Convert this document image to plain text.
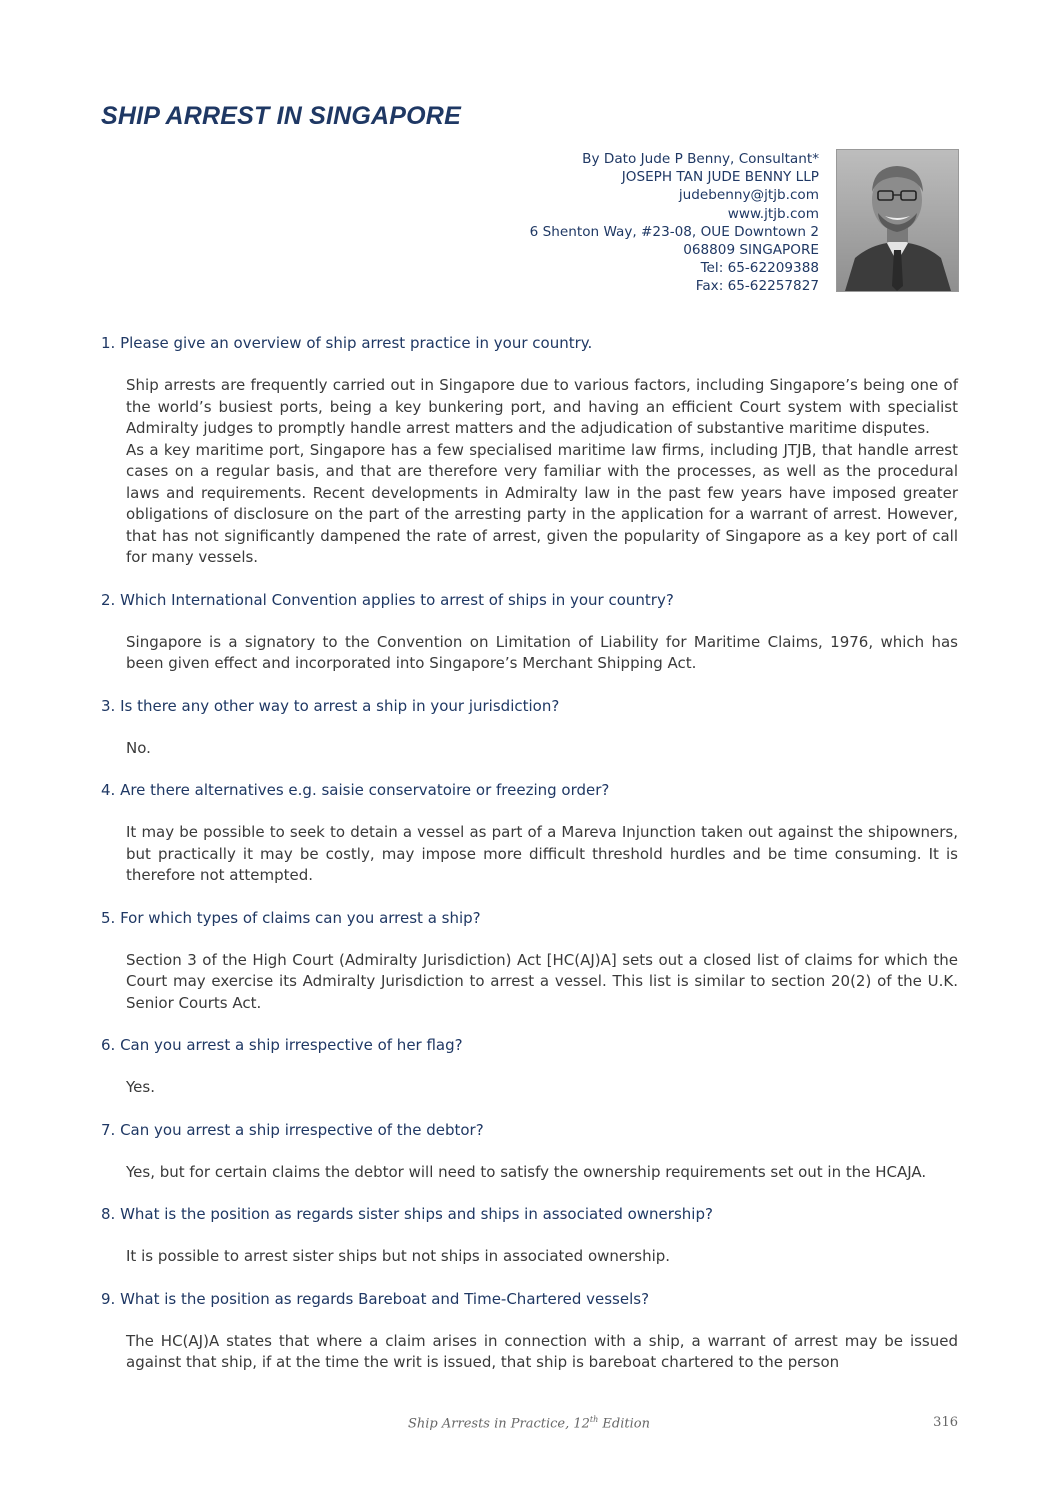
SHIP ARREST IN SINGAPORE
By Dato Jude P Benny, Consultant*
JOSEPH TAN JUDE BENNY LLP
judebenny@jtjb.com
www.jtjb.com
6 Shenton Way, #23-08, OUE Downtown 2
068809 SINGAPORE
Tel: 65-62209388
Fax: 65-62257827
1. Please give an overview of ship arrest practice in your country.

Ship arrests are frequently carried out in Singapore due to various factors, including Singapore’s being one of the world’s busiest ports, being a key bunkering port, and having an efficient Court system with specialist Admiralty judges to promptly handle arrest matters and the adjudication of substantive maritime disputes.

As a key maritime port, Singapore has a few specialised maritime law firms, including JTJB, that handle arrest cases on a regular basis, and that are therefore very familiar with the processes, as well as the procedural laws and requirements. Recent developments in Admiralty law in the past few years have imposed greater obligations of disclosure on the part of the arresting party in the application for a warrant of arrest. However, that has not significantly dampened the rate of arrest, given the popularity of Singapore as a key port of call for many vessels.

2. Which International Convention applies to arrest of ships in your country?

Singapore is a signatory to the Convention on Limitation of Liability for Maritime Claims, 1976, which has been given effect and incorporated into Singapore’s Merchant Shipping Act.

3. Is there any other way to arrest a ship in your jurisdiction?

No.

4. Are there alternatives e.g. saisie conservatoire or freezing order?

It may be possible to seek to detain a vessel as part of a Mareva Injunction taken out against the shipowners, but practically it may be costly, may impose more difficult threshold hurdles and be time consuming. It is therefore not attempted.

5. For which types of claims can you arrest a ship?

Section 3 of the High Court (Admiralty Jurisdiction) Act [HC(AJ)A] sets out a closed list of claims for which the Court may exercise its Admiralty Jurisdiction to arrest a vessel. This list is similar to section 20(2) of the U.K. Senior Courts Act.

6. Can you arrest a ship irrespective of her flag?

Yes.

7. Can you arrest a ship irrespective of the debtor?

Yes, but for certain claims the debtor will need to satisfy the ownership requirements set out in the HCAJA.

8. What is the position as regards sister ships and ships in associated ownership?

It is possible to arrest sister ships but not ships in associated ownership.

9. What is the position as regards Bareboat and Time-Chartered vessels?

The HC(AJ)A states that where a claim arises in connection with a ship, a warrant of arrest may be issued against that ship, if at the time the writ is issued, that ship is bareboat chartered to the person

Ship Arrests in Practice, 12th Edition	316
